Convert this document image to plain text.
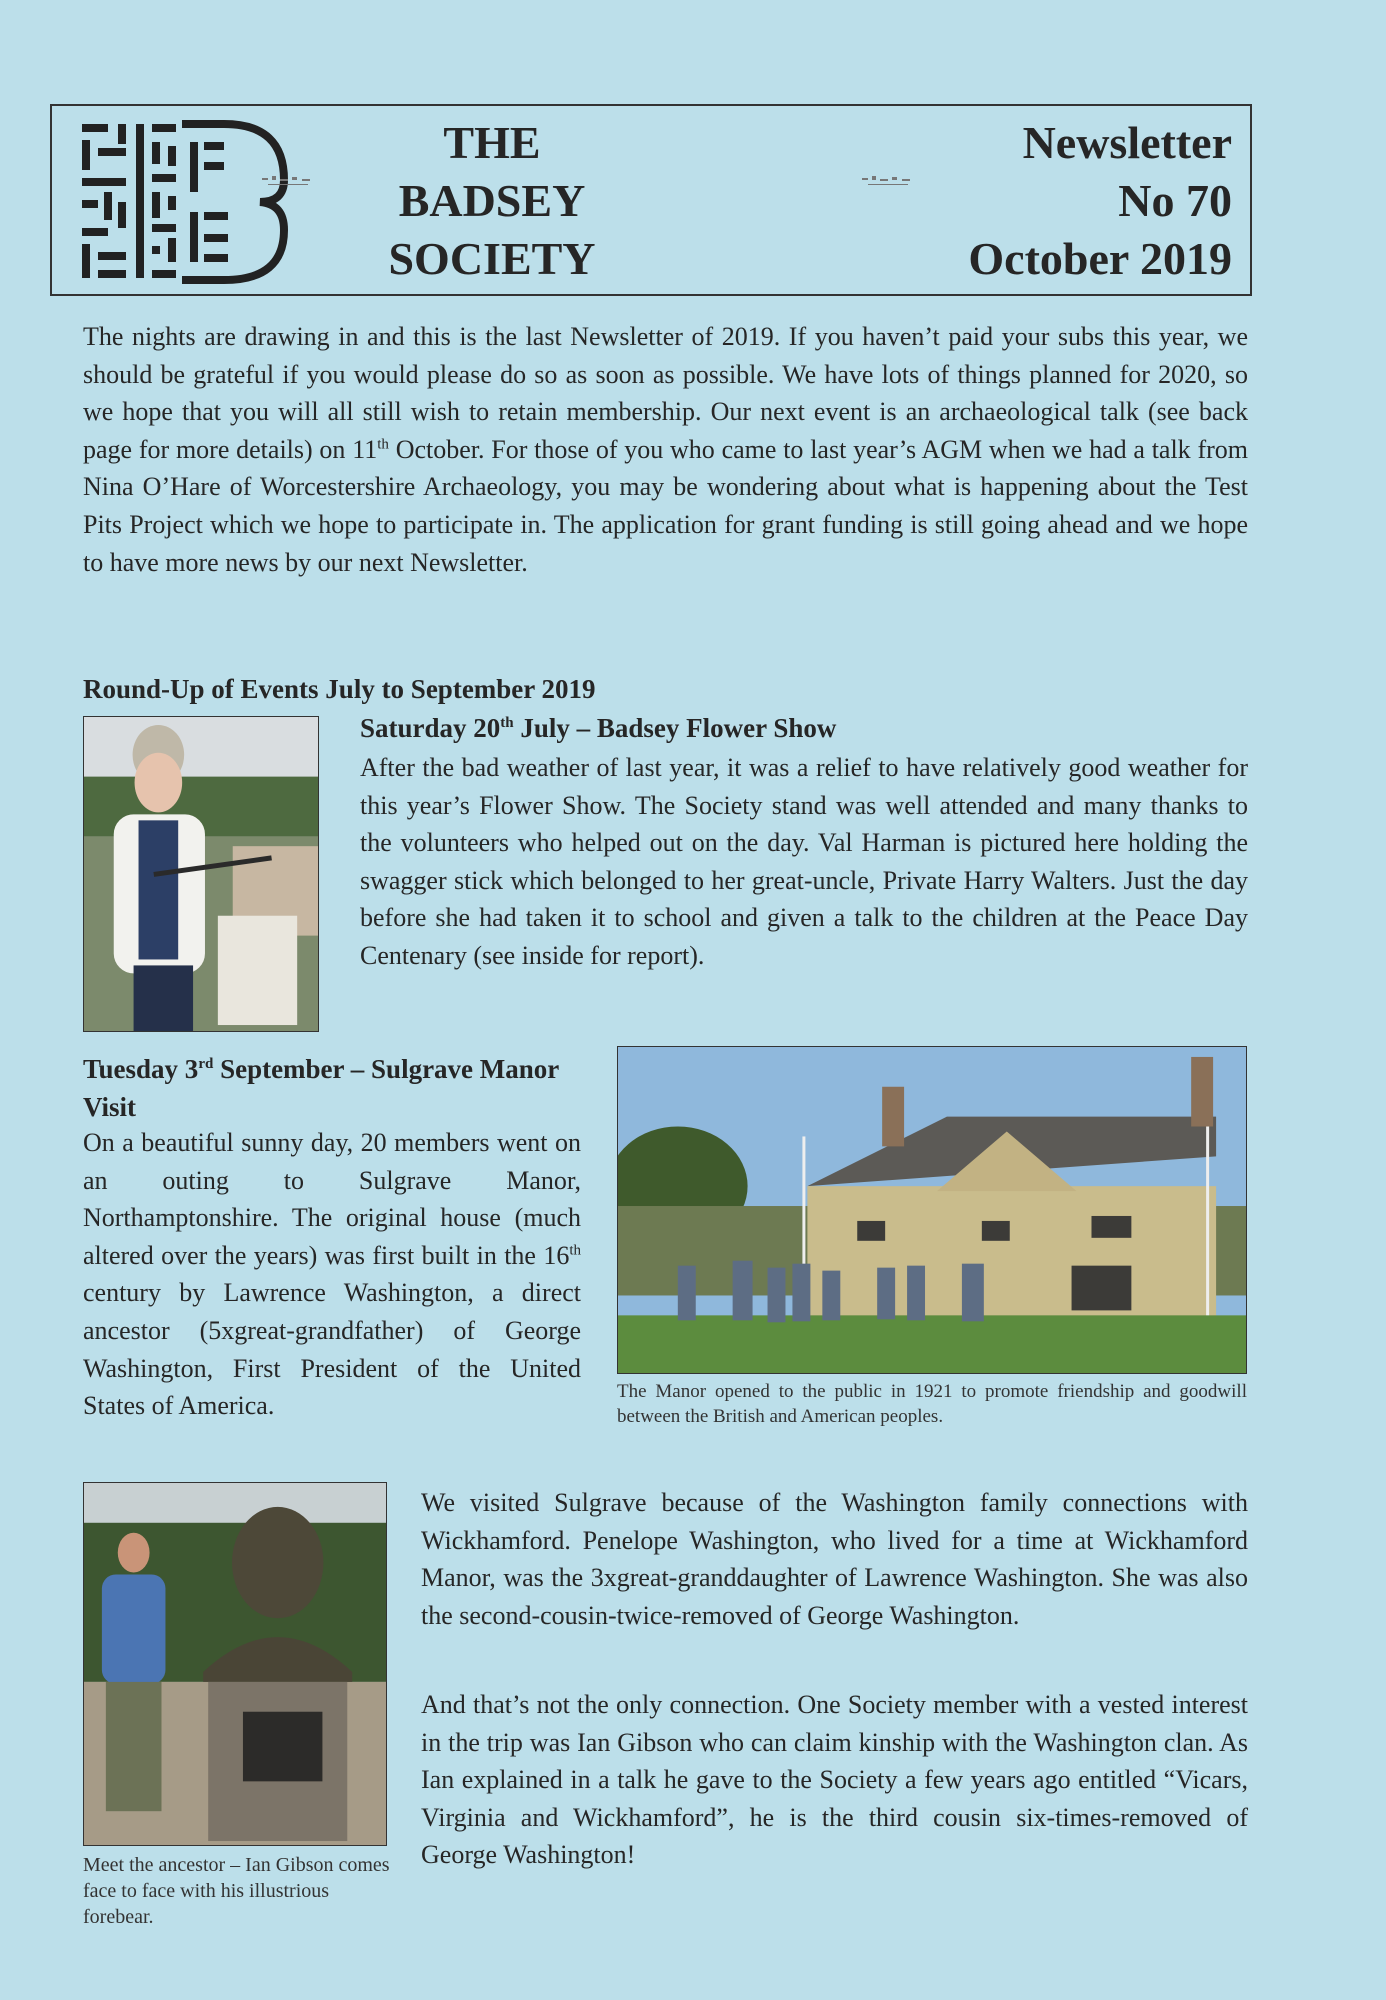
THE
BADSEY
SOCIETY
Newsletter
No 70
October 2019
The nights are drawing in and this is the last Newsletter of 2019. If you haven’t paid your subs this year, we should be grateful if you would please do so as soon as possible. We have lots of things planned for 2020, so we hope that you will all still wish to retain membership. Our next event is an archaeological talk (see back page for more details) on 11th October. For those of you who came to last year’s AGM when we had a talk from Nina O’Hare of Worcestershire Archaeology, you may be wondering about what is happening about the Test Pits Project which we hope to participate in. The application for grant funding is still going ahead and we hope to have more news by our next Newsletter.
Round-Up of Events July to September 2019
Saturday 20th July – Badsey Flower Show
After the bad weather of last year, it was a relief to have relatively good weather for this year’s Flower Show. The Society stand was well attended and many thanks to the volunteers who helped out on the day. Val Harman is pictured here holding the swagger stick which belonged to her great-uncle, Private Harry Walters. Just the day before she had taken it to school and given a talk to the children at the Peace Day Centenary (see inside for report).
Tuesday 3rd September – Sulgrave Manor Visit
On a beautiful sunny day, 20 members went on an outing to Sulgrave Manor, Northamptonshire. The original house (much altered over the years) was first built in the 16th century by Lawrence Washington, a direct ancestor (5xgreat-grandfather) of George Washington, First President of the United States of America.	The Manor opened to the public in 1921 to promote friendship and goodwill between the British and American peoples.
Meet the ancestor – Ian Gibson comes face to face with his illustrious forebear.
We visited Sulgrave because of the Washington family connections with Wickhamford. Penelope Washington, who lived for a time at Wickhamford Manor, was the 3xgreat-granddaughter of Lawrence Washington. She was also the second-cousin-twice-removed of George Washington.
And that’s not the only connection. One Society member with a vested interest in the trip was Ian Gibson who can claim kinship with the Washington clan. As Ian explained in a talk he gave to the Society a few years ago entitled “Vicars, Virginia and Wickhamford”, he is the third cousin six-times-removed of George Washington!
